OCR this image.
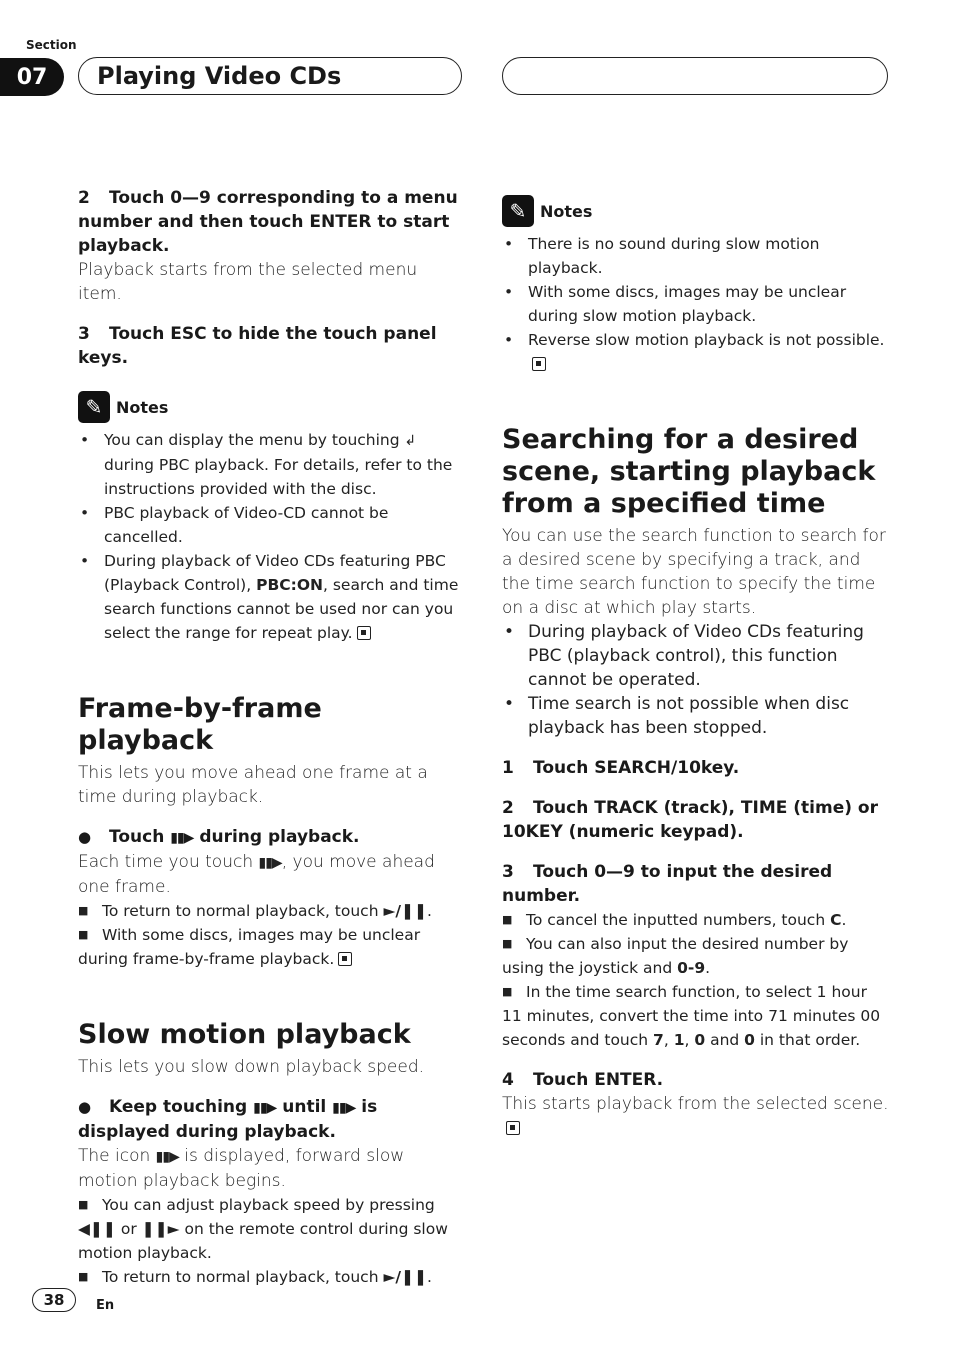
Section
07	Playing Video CDs

2 Touch 0—9 corresponding to a menu number and then touch ENTER to start playback.

Playback starts from the selected menu item.

3 Touch ESC to hide the touch panel keys.

✎ Notes
• You can display the menu by touching ↲ during PBC playback. For details, refer to the instructions provided with the disc.
• PBC playback of Video-CD cannot be cancelled.
• During playback of Video CDs featuring PBC (Playback Control), PBC:ON, search and time search functions cannot be used nor can you select the range for repeat play.
Frame-by-frame playback

This lets you move ahead one frame at a time during playback.

● Touch ▮▮▶ during playback.

Each time you touch ▮▮▶, you move ahead one frame.

■ To return to normal playback, touch ►/❚❚.

■ With some discs, images may be unclear during frame-by-frame playback.

Slow motion playback

This lets you slow down playback speed.

● Keep touching ▮▮▶ until ▮▮▶ is displayed during playback.

The icon ▮▮▶ is displayed, forward slow motion playback begins.

■ You can adjust playback speed by pressing ◀❚❚ or ❚❚► on the remote control during slow motion playback.

■ To return to normal playback, touch ►/❚❚.

✎ Notes
• There is no sound during slow motion playback.
• With some discs, images may be unclear during slow motion playback.
• Reverse slow motion playback is not possible.
Searching for a desired scene, starting playback from a specified time

You can use the search function to search for a desired scene by specifying a track, and the time search function to specify the time on a disc at which play starts.

• During playback of Video CDs featuring PBC (playback control), this function cannot be operated.
• Time search is not possible when disc playback has been stopped.

1 Touch SEARCH/10key.

2 Touch TRACK (track), TIME (time) or 10KEY (numeric keypad).

3 Touch 0—9 to input the desired number.

■ To cancel the inputted numbers, touch C.

■ You can also input the desired number by using the joystick and 0-9.

■ In the time search function, to select 1 hour 11 minutes, convert the time into 71 minutes 00 seconds and touch 7, 1, 0 and 0 in that order.

4 Touch ENTER.

This starts playback from the selected scene.

38	En
